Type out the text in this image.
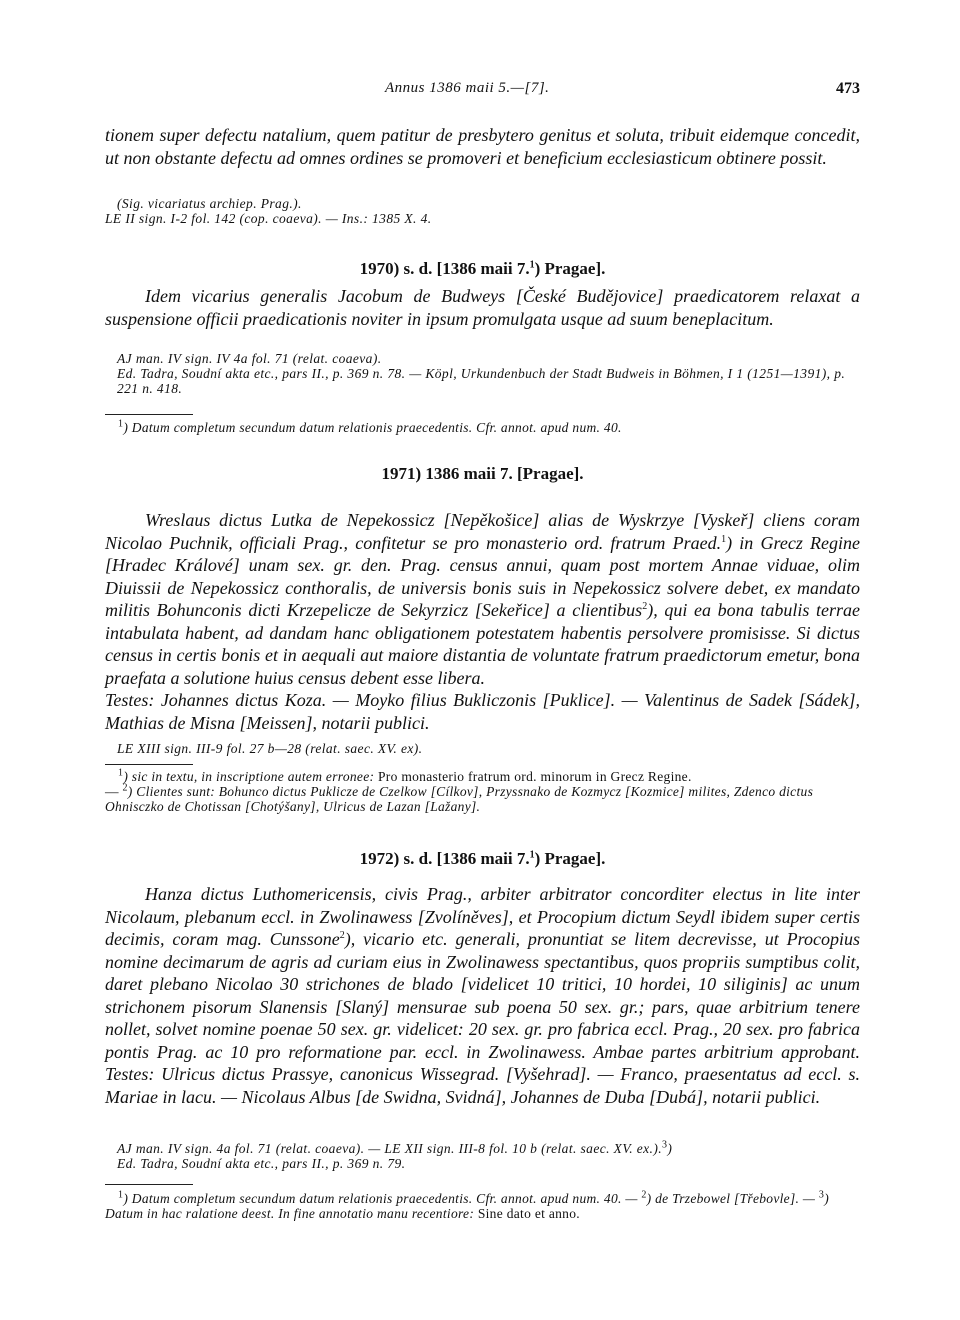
Annus 1386 maii 5.—[7].	473

tionem super defectu natalium, quem patitur de presbytero genitus et soluta, tribuit eidemque concedit, ut non obstante defectu ad omnes ordines se promoveri et beneficium ecclesiasticum obtinere possit.

(Sig. vicariatus archiep. Prag.).

LE II sign. I-2 fol. 142 (cop. coaeva). — Ins.: 1385 X. 4.

1970) s. d. [1386 maii 7.$^1$) Pragae].

Idem vicarius generalis Jacobum de Budweys [České Budějovice] praedicatorem relaxat a suspensione officii praedicationis noviter in ipsum promulgata usque ad suum beneplacitum.

AJ man. IV sign. IV 4a fol. 71 (relat. coaeva).

Ed. Tadra, Soudní akta etc., pars II., p. 369 n. 78. — Köpl, Urkundenbuch der Stadt Budweis in Böhmen, I 1 (1251—1391), p. 221 n. 418.

$^1$) Datum completum secundum datum relationis praecedentis. Cfr. annot. apud num. 40.

1971) 1386 maii 7. [Pragae].

Wreslaus dictus Lutka de Nepekossicz [Nepěkošice] alias de Wyskrzye [Vyskeř] cliens coram Nicolao Puchnik, officiali Prag., confitetur se pro monasterio ord. fratrum Praed.$^1$) in Grecz Regine [Hradec Králové] unam sex. gr. den. Prag. census annui, quam post mortem Annae viduae, olim Diuissii de Nepekossicz conthoralis, de universis bonis suis in Nepekossicz solvere debet, ex mandato militis Bohunconis dicti Krzepelicze de Sekyrzicz [Sekeřice] a clientibus$^2$), qui ea bona tabulis terrae intabulata habent, ad dandam hanc obligationem potestatem habentis persolvere promisisse. Si dictus census in certis bonis et in aequali aut maiore distantia de voluntate fratrum praedictorum emetur, bona praefata a solutione huius census debent esse libera.

Testes: Johannes dictus Koza. — Moyko filius Bukliczonis [Puklice]. — Valentinus de Sadek [Sádek], Mathias de Misna [Meissen], notarii publici.

LE XIII sign. III-9 fol. 27 b—28 (relat. saec. XV. ex).

$^1$) sic in textu, in inscriptione autem erronee: Pro monasterio fratrum ord. minorum in Grecz Regine.

— $^2$) Clientes sunt: Bohunco dictus Puklicze de Czelkow [Cílkov], Przyssnako de Kozmycz [Kozmice] milites, Zdenco dictus Ohnisczko de Chotissan [Chotýšany], Ulricus de Lazan [Lažany].

1972) s. d. [1386 maii 7.$^1$) Pragae].

Hanza dictus Luthomericensis, civis Prag., arbiter arbitrator concorditer electus in lite inter Nicolaum, plebanum eccl. in Zwolinawess [Zvolíněves], et Procopium dictum Seydl ibidem super certis decimis, coram mag. Cunssone$^2$), vicario etc. generali, pronuntiat se litem decrevisse, ut Procopius nomine decimarum de agris ad curiam eius in Zwolinawess spectantibus, quos propriis sumptibus colit, daret plebano Nicolao 30 strichones de blado [videlicet 10 tritici, 10 hordei, 10 siliginis] ac unum strichonem pisorum Slanensis [Slaný] mensurae sub poena 50 sex. gr.; pars, quae arbitrium tenere nollet, solvet nomine poenae 50 sex. gr. videlicet: 20 sex. gr. pro fabrica eccl. Prag., 20 sex. pro fabrica pontis Prag. ac 10 pro reformatione par. eccl. in Zwolinawess. Ambae partes arbitrium approbant. Testes: Ulricus dictus Prassye, canonicus Wissegrad. [Vyšehrad]. — Franco, praesentatus ad eccl. s. Mariae in lacu. — Nicolaus Albus [de Swidna, Svidná], Johannes de Duba [Dubá], notarii publici.

AJ man. IV sign. 4a fol. 71 (relat. coaeva). — LE XII sign. III-8 fol. 10 b (relat. saec. XV. ex.).$^3$)

Ed. Tadra, Soudní akta etc., pars II., p. 369 n. 79.

$^1$) Datum completum secundum datum relationis praecedentis. Cfr. annot. apud num. 40. — $^2$) de Trzebowel [Třebovle]. — $^3$) Datum in hac ralatione deest. In fine annotatio manu recentiore: Sine dato et anno.
